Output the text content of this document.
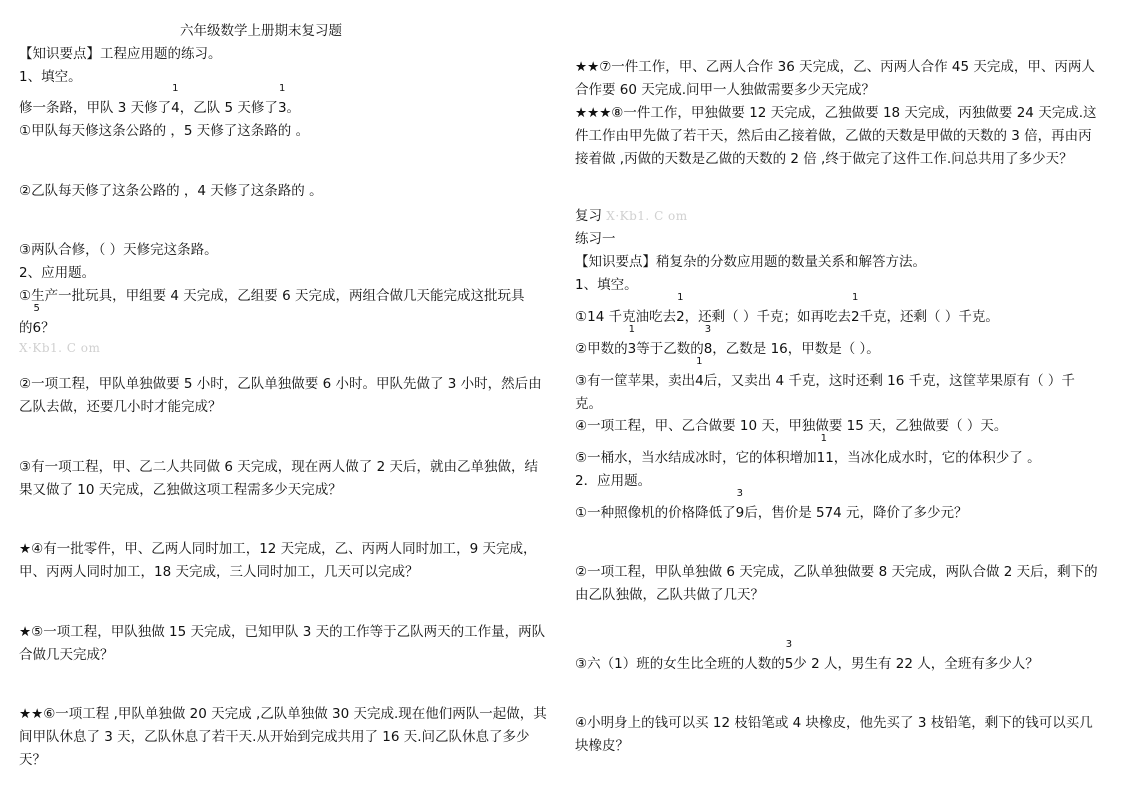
六年级数学上册期末复习题
【知识要点】工程应用题的练习。
1、填空。
修一条路，甲队 3 天修了
1
4，乙队 5 天修了
1
3。
①甲队每天修这条公路的 ，5 天修了这条路的 。
②乙队每天修了这条公路的 ，4 天修了这条路的 。
③两队合修，（ ）天修完这条路。
2、应用题。
①生产一批玩具，甲组要 4 天完成，乙组要 6 天完成，两组合做几天能完成这批玩具
的
5
6？
X·Kb1. C om
②一项工程，甲队单独做要 5 小时，乙队单独做要 6 小时。甲队先做了 3 小时，然后由乙队去做，还要几小时才能完成？
③有一项工程，甲、乙二人共同做 6 天完成，现在两人做了 2 天后，就由乙单独做，结果又做了 10 天完成，乙独做这项工程需多少天完成？
★④有一批零件，甲、乙两人同时加工，12 天完成，乙、丙两人同时加工，9 天完成，甲、丙两人同时加工，18 天完成，三人同时加工，几天可以完成？
★⑤一项工程，甲队独做 15 天完成，已知甲队 3 天的工作等于乙队两天的工作量，两队合做几天完成？
★★⑥一项工程 ,甲队单独做 20 天完成 ,乙队单独做 30 天完成.现在他们两队一起做，其间甲队休息了 3 天，乙队休息了若干天.从开始到完成共用了 16 天.问乙队休息了多少天？
★★⑦一件工作，甲、乙两人合作 36 天完成，乙、丙两人合作 45 天完成，甲、丙两人合作要 60 天完成.问甲一人独做需要多少天完成？
★★★⑧一件工作，甲独做要 12 天完成，乙独做要 18 天完成，丙独做要 24 天完成.这件工作由甲先做了若干天，然后由乙接着做，乙做的天数是甲做的天数的 3 倍，再由丙接着做 ,丙做的天数是乙做的天数的 2 倍 ,终于做完了这件工作.问总共用了多少天？
复习 X·Kb1. C om
练习一
【知识要点】稍复杂的分数应用题的数量关系和解答方法。
1、填空。
①14 千克油吃去
1
2，还剩（ ）千克；如再吃去
1
2千克，还剩（ ）千克。
②甲数的
1
3等于乙数的
3
8，乙数是 16，甲数是（ ）。
③有一筐苹果，卖出
1
4后，又卖出 4 千克，这时还剩 16 千克，这筐苹果原有（ ）千
克。
④一项工程，甲、乙合做要 10 天，甲独做要 15 天，乙独做要（ ）天。
⑤一桶水，当水结成冰时，它的体积增加
1
11，当冰化成水时，它的体积少了 。
2．应用题。
①一种照像机的价格降低了
3
9后，售价是 574 元，降价了多少元？
②一项工程，甲队单独做 6 天完成，乙队单独做要 8 天完成，两队合做 2 天后，剩下的由乙队独做，乙队共做了几天？
③六（1）班的女生比全班的人数的
3
5少 2 人，男生有 22 人，全班有多少人？
④小明身上的钱可以买 12 枝铅笔或 4 块橡皮，他先买了 3 枝铅笔，剩下的钱可以买几块橡皮？
